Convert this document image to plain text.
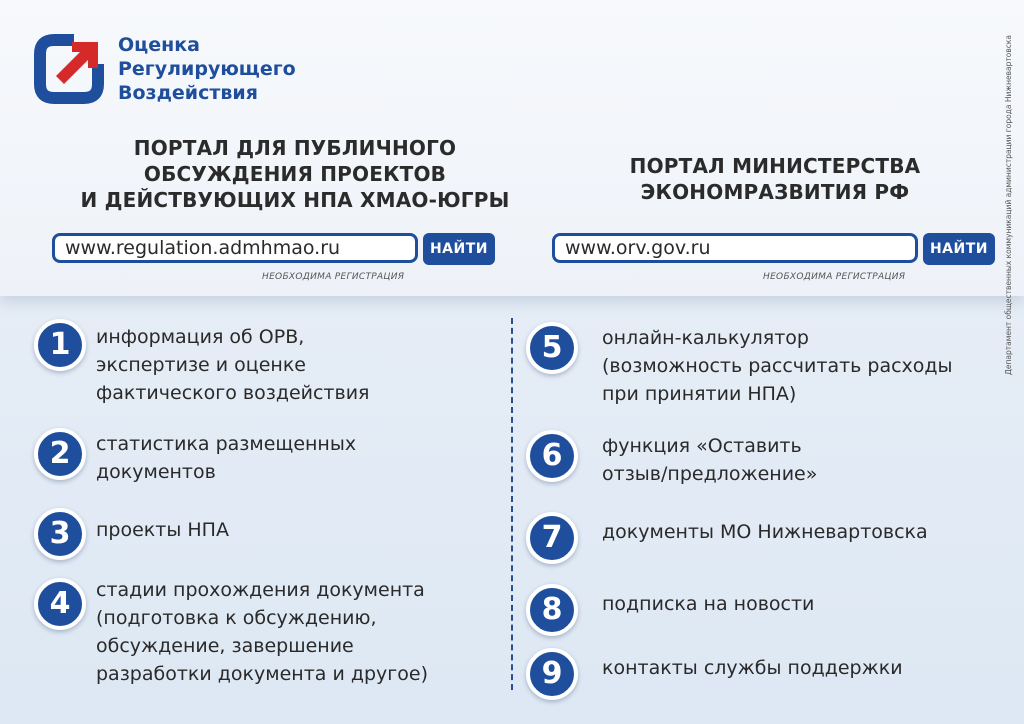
Оценка
Регулирующего
Воздействия
ПОРТАЛ ДЛЯ ПУБЛИЧНОГО
ОБСУЖДЕНИЯ ПРОЕКТОВ
И ДЕЙСТВУЮЩИХ НПА ХМАО-ЮГРЫ
ПОРТАЛ МИНИСТЕРСТВА
ЭКОНОМРАЗВИТИЯ РФ
www.regulation.admhmao.ru	НАЙТИ
НЕОБХОДИМА РЕГИСТРАЦИЯ
www.orv.gov.ru	НАЙТИ
НЕОБХОДИМА РЕГИСТРАЦИЯ
1	информация об ОРВ,
экспертизе и оценке
фактического воздействия
2	статистика размещенных
документов
3	проекты НПА
4	стадии прохождения документа
(подготовка к обсуждению,
обсуждение, завершение
разработки документа и другое)
5	онлайн-калькулятор
(возможность рассчитать расходы
при принятии НПА)
6	функция «Оставить
отзыв/предложение»
7	документы МО Нижневартовска
8	подписка на новости
9	контакты службы поддержки
Департамент общественных коммуникаций администрации города Нижневартовска
